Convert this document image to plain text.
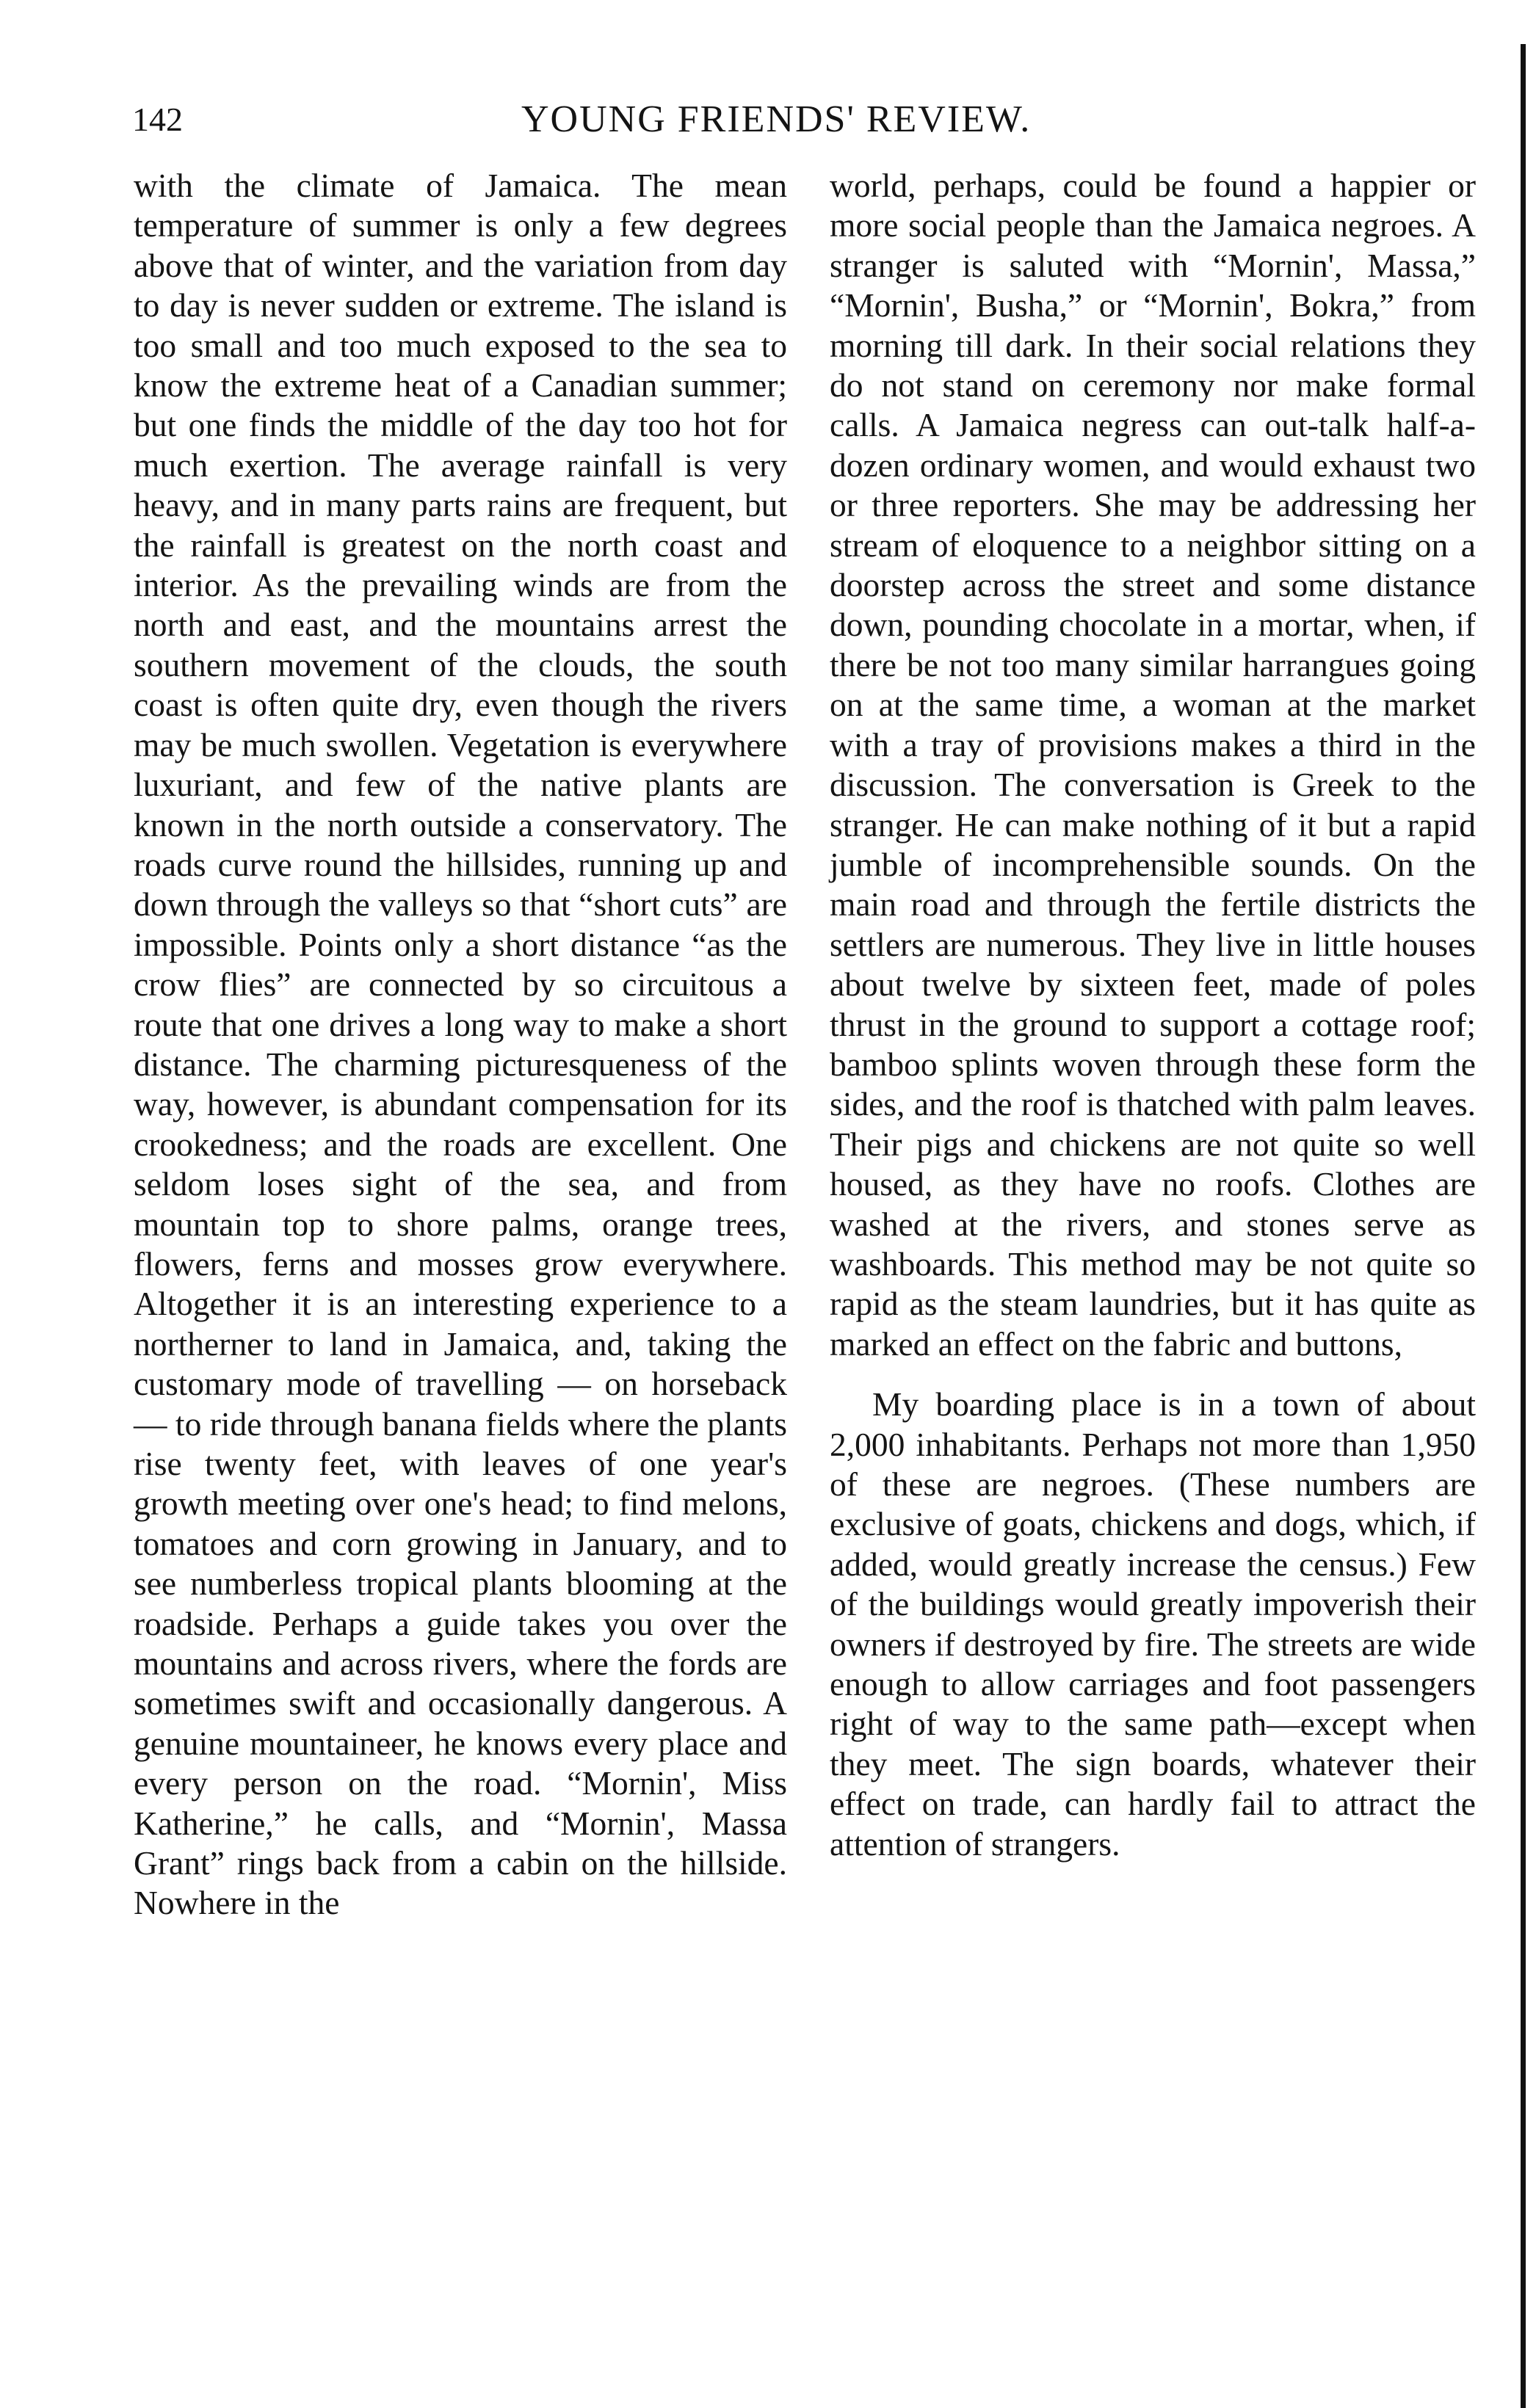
142	YOUNG FRIENDS' REVIEW.

with the climate of Jamaica. The mean temperature of summer is only a few degrees above that of winter, and the variation from day to day is never sudden or extreme. The island is too small and too much exposed to the sea to know the extreme heat of a Canadian summer; but one finds the middle of the day too hot for much exertion. The average rainfall is very heavy, and in many parts rains are frequent, but the rainfall is greatest on the north coast and interior. As the prevailing winds are from the north and east, and the mountains arrest the southern movement of the clouds, the south coast is often quite dry, even though the rivers may be much swollen. Vegetation is everywhere luxuriant, and few of the native plants are known in the north outside a conservatory. The roads curve round the hillsides, running up and down through the valleys so that “short cuts” are impossible. Points only a short distance “as the crow flies” are connected by so circuitous a route that one drives a long way to make a short distance. The charming picturesqueness of the way, however, is abundant compensation for its crookedness; and the roads are excellent. One seldom loses sight of the sea, and from mountain top to shore palms, orange trees, flowers, ferns and mosses grow everywhere. Altogether it is an interesting experience to a northerner to land in Jamaica, and, taking the customary mode of travelling — on horseback — to ride through banana fields where the plants rise twenty feet, with leaves of one year's growth meeting over one's head; to find melons, tomatoes and corn growing in January, and to see numberless tropical plants blooming at the roadside. Perhaps a guide takes you over the mountains and across rivers, where the fords are sometimes swift and occasionally dangerous. A genuine mountaineer, he knows every place and every person on the road. “Mornin', Miss Katherine,” he calls, and “Mornin', Massa Grant” rings back from a cabin on the hillside. Nowhere in the

world, perhaps, could be found a happier or more social people than the Jamaica negroes. A stranger is saluted with “Mornin', Massa,” “Mornin', Busha,” or “Mornin', Bokra,” from morning till dark. In their social relations they do not stand on ceremony nor make formal calls. A Jamaica negress can out-talk half-a-dozen ordinary women, and would exhaust two or three reporters. She may be addressing her stream of eloquence to a neighbor sitting on a doorstep across the street and some distance down, pounding chocolate in a mortar, when, if there be not too many similar harrangues going on at the same time, a woman at the market with a tray of provisions makes a third in the discussion. The conversation is Greek to the stranger. He can make nothing of it but a rapid jumble of incomprehensible sounds. On the main road and through the fertile districts the settlers are numerous. They live in little houses about twelve by sixteen feet, made of poles thrust in the ground to support a cottage roof; bamboo splints woven through these form the sides, and the roof is thatched with palm leaves. Their pigs and chickens are not quite so well housed, as they have no roofs. Clothes are washed at the rivers, and stones serve as washboards. This method may be not quite so rapid as the steam laundries, but it has quite as marked an effect on the fabric and buttons,

My boarding place is in a town of about 2,000 inhabitants. Perhaps not more than 1,950 of these are negroes. (These numbers are exclusive of goats, chickens and dogs, which, if added, would greatly increase the census.) Few of the buildings would greatly impoverish their owners if destroyed by fire. The streets are wide enough to allow carriages and foot passengers right of way to the same path—except when they meet. The sign boards, whatever their effect on trade, can hardly fail to attract the attention of strangers.
